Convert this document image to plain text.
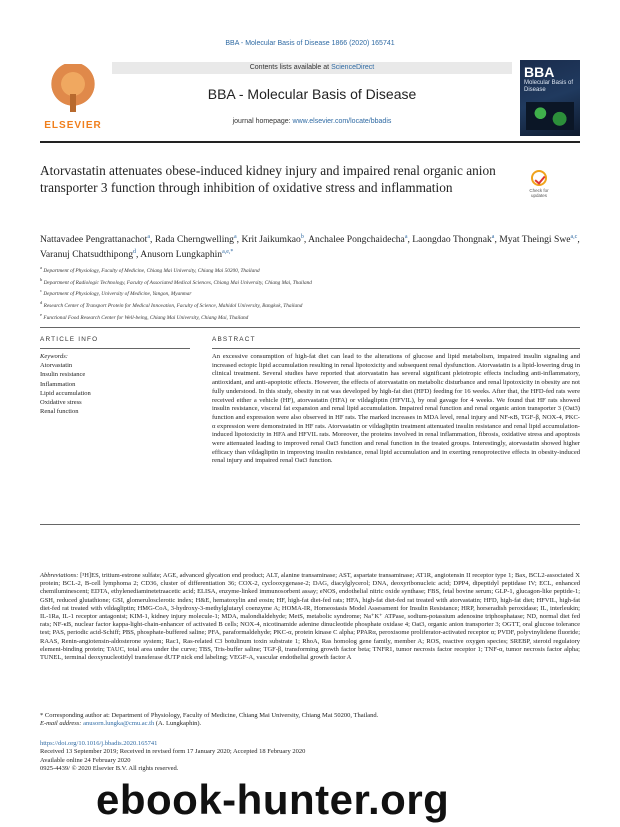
BBA - Molecular Basis of Disease 1866 (2020) 165741
ELSEVIER
Contents lists available at ScienceDirect
BBA - Molecular Basis of Disease
journal homepage: www.elsevier.com/locate/bbadis
BBA
Molecular Basis of Disease
Atorvastatin attenuates obese-induced kidney injury and impaired renal organic anion transporter 3 function through inhibition of oxidative stress and inflammation	Check for updates
Nattavadee Pengrattanachot$^a$, Rada Cherngwelling$^a$, Krit Jaikumkao$^b$, Anchalee Pongchaidecha$^a$, Laongdao Thongnak$^a$, Myat Theingi Swe$^{a,c}$, Varanuj Chatsudthipong$^d$, Anusorn Lungkaphin$^{a,e,*}$
$^a$ Department of Physiology, Faculty of Medicine, Chiang Mai University, Chiang Mai 50200, Thailand
$^b$ Department of Radiologic Technology, Faculty of Associated Medical Sciences, Chiang Mai University, Chiang Mai, Thailand
$^c$ Department of Physiology, University of Medicine, Yangon, Myanmar
$^d$ Research Center of Transport Protein for Medical Innovation, Faculty of Science, Mahidol University, Bangkok, Thailand
$^e$ Functional Food Research Center for Well-being, Chiang Mai University, Chiang Mai, Thailand
ARTICLE INFO	ABSTRACT
Keywords:
Atorvastatin
Insulin resistance
Inflammation
Lipid accumulation
Oxidative stress
Renal function
An excessive consumption of high-fat diet can lead to the alterations of glucose and lipid metabolism, impaired insulin signaling and increased ectopic lipid accumulation resulting in renal lipotoxicity and subsequent renal dysfunction. Atorvastatin is a lipid-lowering drug in clinical treatment. Several studies have reported that atorvastatin has several significant pleiotropic effects including anti-inflammatory, antioxidant, and anti-apoptotic effects. However, the effects of atorvastatin on metabolic disturbance and renal lipotoxicity in obesity are not fully understood. In this study, obesity in rat was developed by high-fat diet (HFD) feeding for 16 weeks. After that, the HFD-fed rats were received either a vehicle (HF), atorvastatin (HFA) or vildagliptin (HFVIL), by oral gavage for 4 weeks. We found that HF rats showed insulin resistance, visceral fat expansion and renal lipid accumulation. Impaired renal function and renal organic anion transporter 3 (Oat3) function and expression were also observed in HF rats. The marked increases in MDA level, renal injury and NF-κB, TGF-β, NOX-4, PKC-α expression were demonstrated in HF rats. Atorvastatin or vildagliptin treatment attenuated insulin resistance and renal lipid accumulation-induced lipotoxicity in HFA and HFVIL rats. Moreover, the proteins involved in renal inflammation, fibrosis, oxidative stress and apoptosis were attenuated leading to improved renal Oat3 function and renal function in the treated groups. Interestingly, atorvastatin showed higher efficacy than vildagliptin in improving insulin resistance, renal lipid accumulation and in exerting renoprotective effects in obesity-induced renal injury and impaired renal Oat3 function.
Abbreviations: [³H]ES, tritium-estrone sulfate; AGE, advanced glycation end product; ALT, alanine transaminase; AST, aspartate transaminase; AT1R, angiotensin II receptor type 1; Bax, BCL2-associated X protein; BCL-2, B-cell lymphoma 2; CD36, cluster of differentiation 36; COX-2, cyclooxygenase-2; DAG, diacylglycerol; DNA, deoxyribonucleic acid; DPP4, dipeptidyl peptidase IV; ECL, enhanced chemiluminescent; EDTA, ethylenediaminetetraacetic acid; ELISA, enzyme-linked immunosorbent assay; eNOS, endothelial nitric oxide synthase; FBS, fetal bovine serum; GLP-1, glucagon-like peptide-1; GSH, reduced glutathione; GSI, glomerulosclerotic index; H&E, hematoxylin and eosin; HF, high-fat diet-fed rats; HFA, high-fat diet-fed rat treated with atorvastatin; HFD, high-fat diet; HFVIL, high-fat diet-fed rat treated with vildagliptin; HMG-CoA, 3-hydroxy-3-methylglutaryl coenzyme A; HOMA-IR, Homeostasis Model Assessment for Insulin Resistance; HRP, horseradish peroxidase; IL, interleukin; IL-1Ra, IL-1 receptor antagonist; KIM-1, kidney injury molecule-1; MDA, malondialdehyde; MetS, metabolic syndrome; Na⁺K⁺ ATPase, sodium-potassium adenosine triphosphatase; ND, normal diet fed rats; NF-κB, nuclear factor kappa-light-chain-enhancer of activated B cells; NOX-4, nicotinamide adenine dinucleotide phosphate oxidase 4; Oat3, organic anion transporter 3; OGTT, oral glucose tolerance test; PAS, periodic acid-Schiff; PBS, phosphate-buffered saline; PFA, paraformaldehyde; PKC-α, protein kinase C alpha; PPARα, peroxisome proliferator-activated receptor α; PVDF, polyvinylidene fluoride; RAAS, Renin-angiotensin-aldosterone system; Rac1, Ras-related C3 botulinum toxin substrate 1; RhoA, Ras homolog gene family, member A; ROS, reactive oxygen species; SREBP, steroid regulatory element-binding protein; TAUC, total area under the curve; TBS, Tris-buffer saline; TGF-β, transforming growth factor beta; TNFR1, tumor necrosis factor receptor 1; TNF-α, tumor necrosis factor alpha; TUNEL, terminal deoxynucleotidyl transferase dUTP nick end labeling; VEGF-A, vascular endothelial growth factor A
* Corresponding author at: Department of Physiology, Faculty of Medicine, Chiang Mai University, Chiang Mai 50200, Thailand.
E-mail address: anusorn.lungka@cmu.ac.th (A. Lungkaphin).
https://doi.org/10.1016/j.bbadis.2020.165741
Received 13 September 2019; Received in revised form 17 January 2020; Accepted 18 February 2020
Available online 24 February 2020
0925-4439/ © 2020 Elsevier B.V. All rights reserved.
ebook-hunter.org
